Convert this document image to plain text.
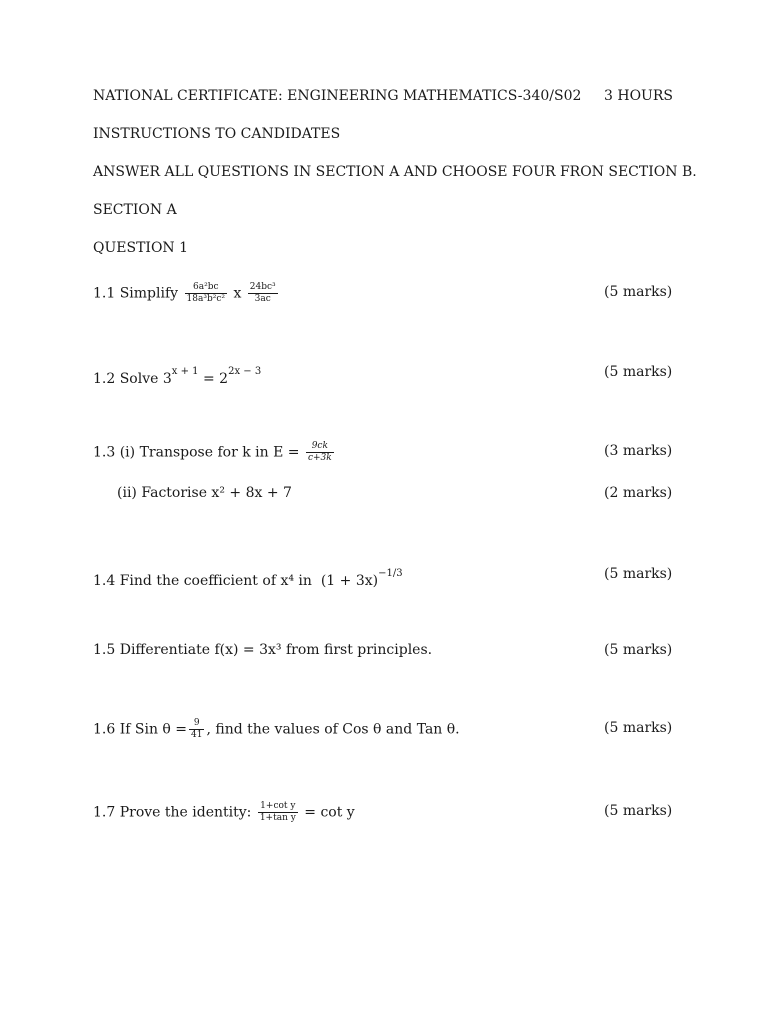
NATIONAL CERTIFICATE: ENGINEERING MATHEMATICS-340/S02 3 HOURS
INSTRUCTIONS TO CANDIDATES
ANSWER ALL QUESTIONS IN SECTION A AND CHOOSE FOUR FRON SECTION B.
SECTION A
QUESTION 1
1.1 Simplify $\frac{\text{6a²bc}}{\text{18a³b²c²}}$ x $\frac{\text{24bc³}}{3ac}$	(5 marks)
1.2 Solve $3^{x + 1} = 2^{2x - 3}$	(5 marks)
1.3 (i) Transpose for k in $E = \frac{9ck}{c+3k}$	(3 marks)
(ii) Factorise x² + 8x + 7	(2 marks)
1.4 Find the coefficient of x⁴ in  $(1 + 3x)^{-1/3}$	(5 marks)
1.5 Differentiate f(x) = 3x³ from first principles.	(5 marks)
1.6 If Sin $\theta = \frac{9}{41}$ , find the values of Cos θ and Tan θ.	(5 marks)
1.7 Prove the identity: $\frac{\text{1+cot y}}{\text{1+tan y}} = \cot y$	(5 marks)
